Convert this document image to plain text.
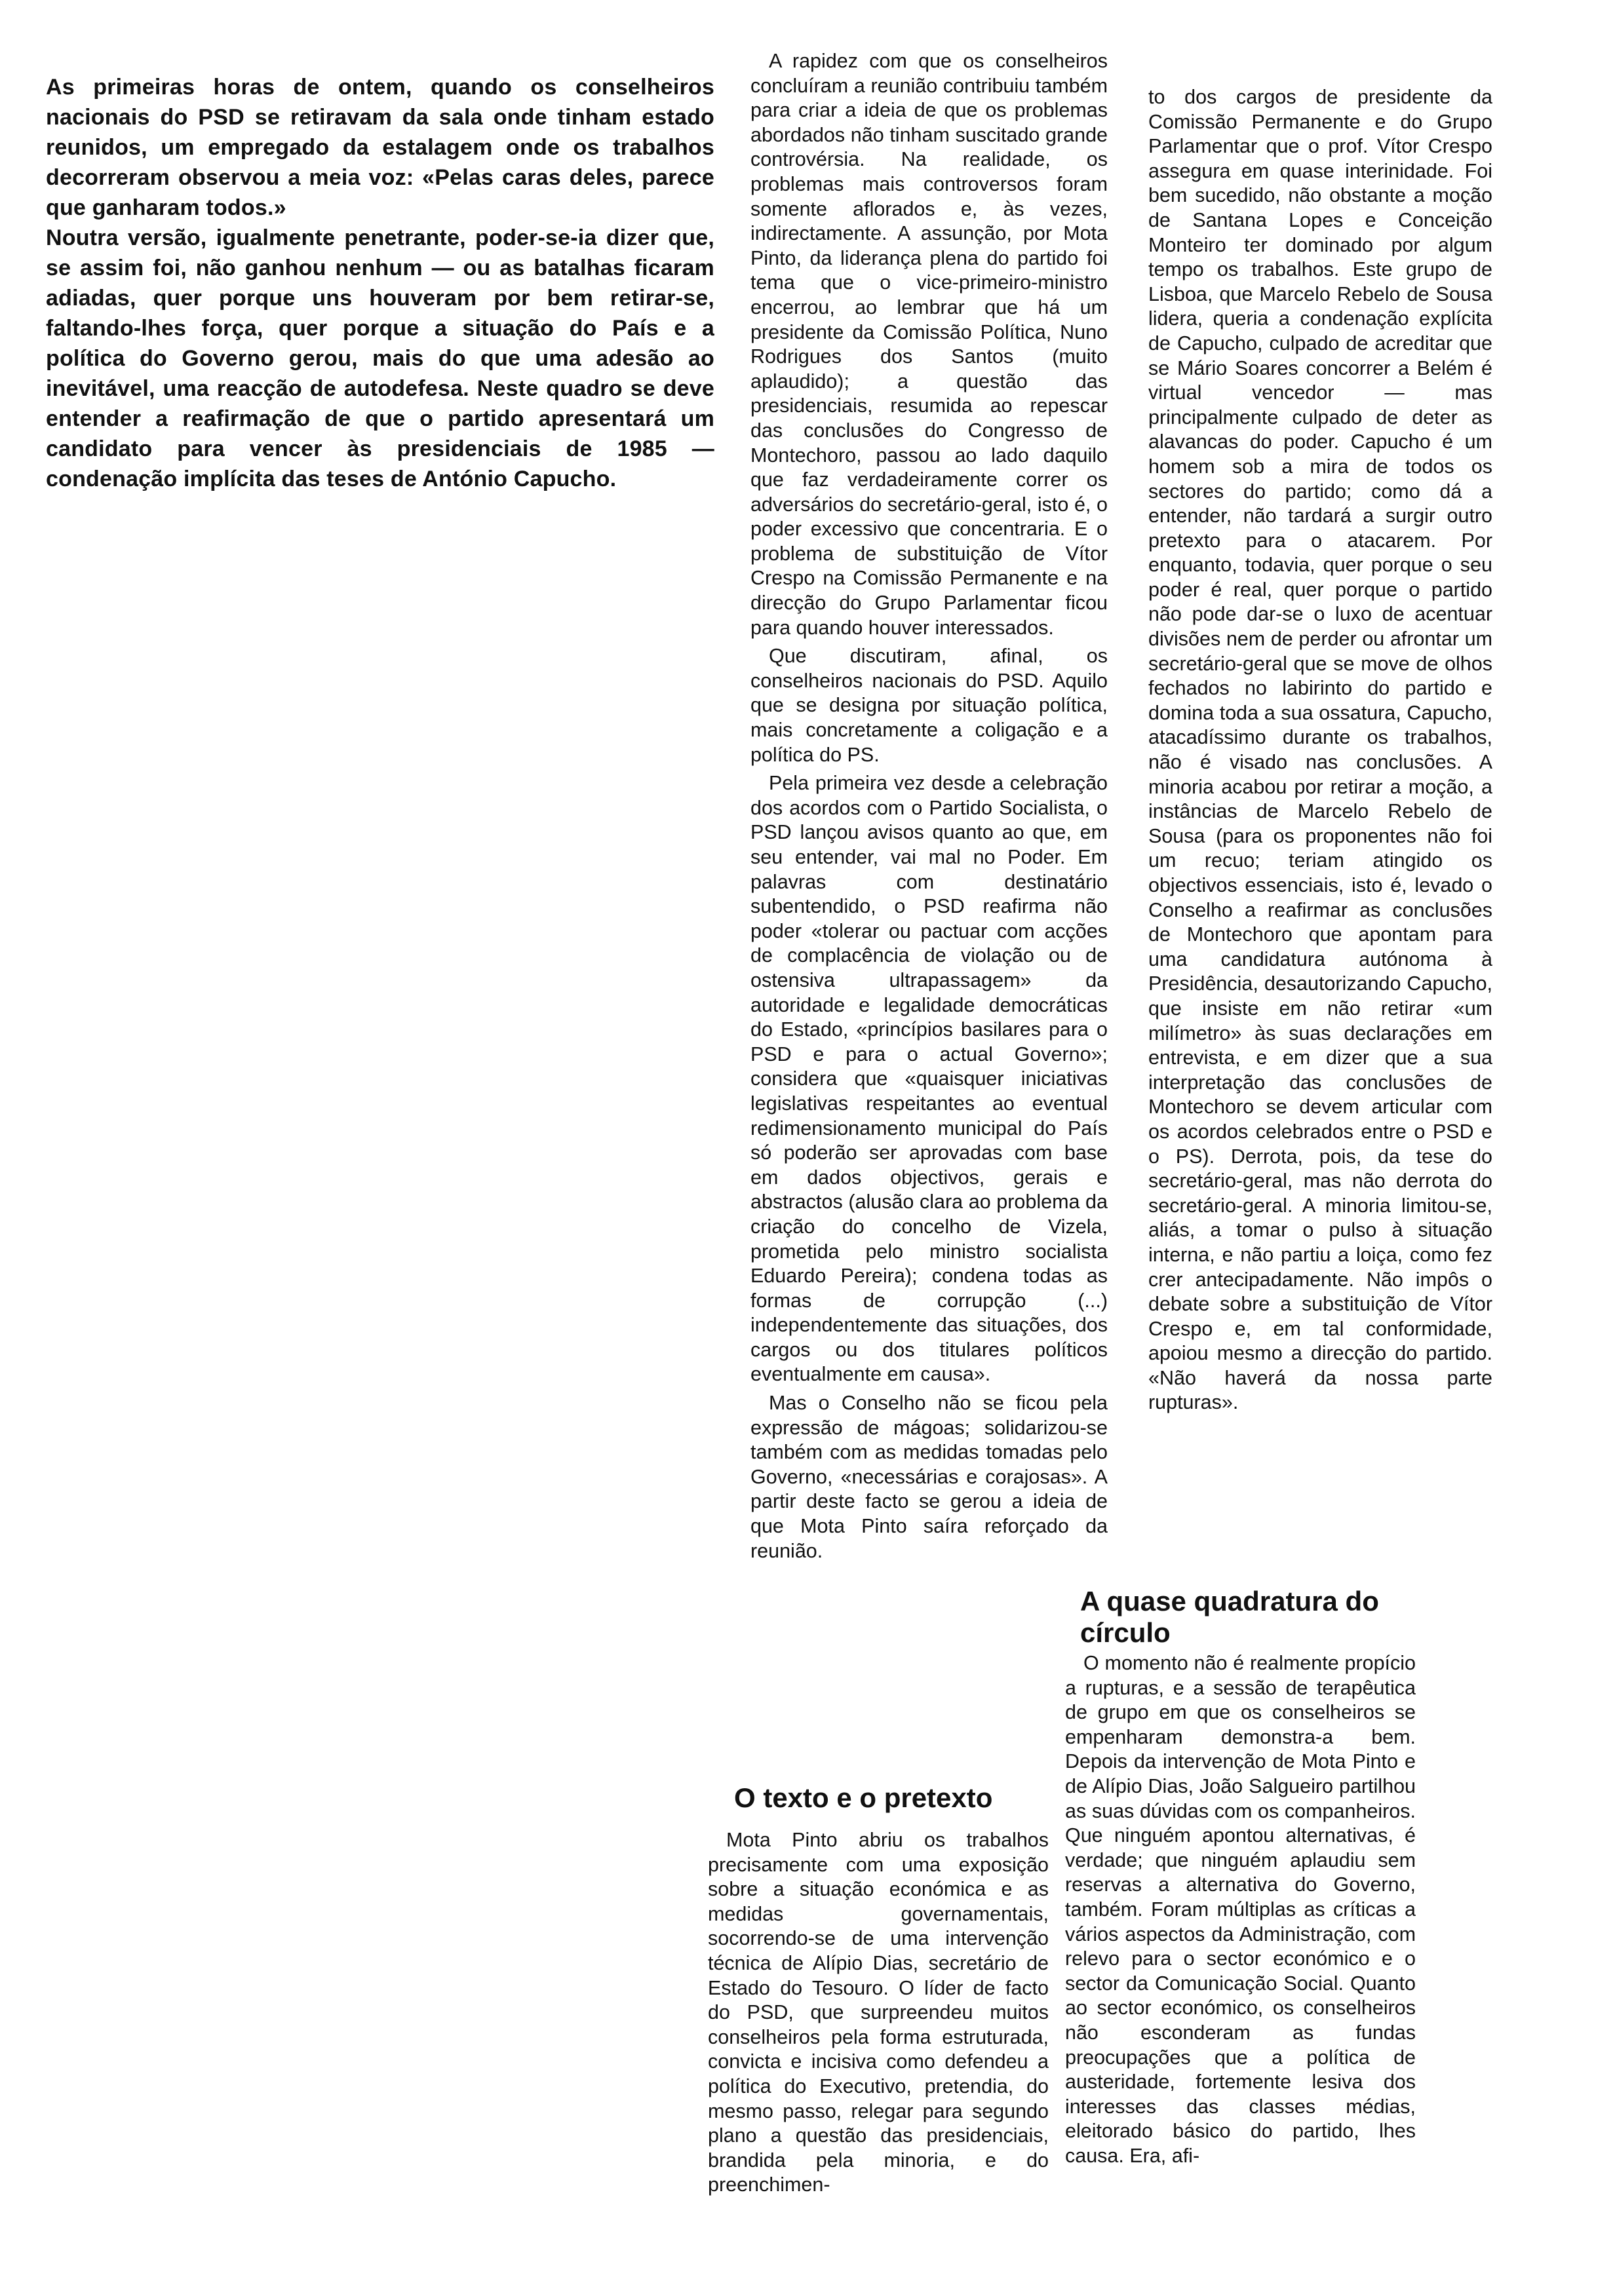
As primeiras horas de ontem, quando os conselheiros nacionais do PSD se retiravam da sala onde tinham estado reunidos, um empregado da estalagem onde os trabalhos decorreram observou a meia voz: «Pelas caras deles, parece que ganharam todos.»

Noutra versão, igualmente penetrante, poder-se-ia dizer que, se assim foi, não ganhou nenhum — ou as batalhas ficaram adiadas, quer porque uns houveram por bem retirar-se, faltando-lhes força, quer porque a situação do País e a política do Governo gerou, mais do que uma adesão ao inevitável, uma reacção de autodefesa. Neste quadro se deve entender a reafirmação de que o partido apresentará um candidato para vencer às presidenciais de 1985 — condenação implícita das teses de António Capucho.

A rapidez com que os conselheiros concluíram a reunião contribuiu também para criar a ideia de que os problemas abordados não tinham suscitado grande controvérsia. Na realidade, os problemas mais controversos foram somente aflorados e, às vezes, indirectamente. A assunção, por Mota Pinto, da liderança plena do partido foi tema que o vice-primeiro-ministro encerrou, ao lembrar que há um presidente da Comissão Política, Nuno Rodrigues dos Santos (muito aplaudido); a questão das presidenciais, resumida ao repescar das conclusões do Congresso de Montechoro, passou ao lado daquilo que faz verdadeiramente correr os adversários do secretário-geral, isto é, o poder excessivo que concentraria. E o problema de substituição de Vítor Crespo na Comissão Permanente e na direcção do Grupo Parlamentar ficou para quando houver interessados.

Que discutiram, afinal, os conselheiros nacionais do PSD. Aquilo que se designa por situação política, mais concretamente a coligação e a política do PS.

Pela primeira vez desde a celebração dos acordos com o Partido Socialista, o PSD lançou avisos quanto ao que, em seu entender, vai mal no Poder. Em palavras com destinatário subentendido, o PSD reafirma não poder «tolerar ou pactuar com acções de complacência de violação ou de ostensiva ultrapassagem» da autoridade e legalidade democráticas do Estado, «princípios basilares para o PSD e para o actual Governo»; considera que «quaisquer iniciativas legislativas respeitantes ao eventual redimensionamento municipal do País só poderão ser aprovadas com base em dados objectivos, gerais e abstractos (alusão clara ao problema da criação do concelho de Vizela, prometida pelo ministro socialista Eduardo Pereira); condena todas as formas de corrupção (...) independentemente das situações, dos cargos ou dos titulares políticos eventualmente em causa».

Mas o Conselho não se ficou pela expressão de mágoas; solidarizou-se também com as medidas tomadas pelo Governo, «necessárias e corajosas». A partir deste facto se gerou a ideia de que Mota Pinto saíra reforçado da reunião.

O texto e o pretexto

Mota Pinto abriu os trabalhos precisamente com uma exposição sobre a situação económica e as medidas governamentais, socorrendo-se de uma intervenção técnica de Alípio Dias, secretário de Estado do Tesouro. O líder de facto do PSD, que surpreendeu muitos conselheiros pela forma estruturada, convicta e incisiva como defendeu a política do Executivo, pretendia, do mesmo passo, relegar para segundo plano a questão das presidenciais, brandida pela minoria, e do preenchimen-

to dos cargos de presidente da Comissão Permanente e do Grupo Parlamentar que o prof. Vítor Crespo assegura em quase interinidade. Foi bem sucedido, não obstante a moção de Santana Lopes e Conceição Monteiro ter dominado por algum tempo os trabalhos. Este grupo de Lisboa, que Marcelo Rebelo de Sousa lidera, queria a condenação explícita de Capucho, culpado de acreditar que se Mário Soares concorrer a Belém é virtual vencedor — mas principalmente culpado de deter as alavancas do poder. Capucho é um homem sob a mira de todos os sectores do partido; como dá a entender, não tardará a surgir outro pretexto para o atacarem. Por enquanto, todavia, quer porque o seu poder é real, quer porque o partido não pode dar-se o luxo de acentuar divisões nem de perder ou afrontar um secretário-geral que se move de olhos fechados no labirinto do partido e domina toda a sua ossatura, Capucho, atacadíssimo durante os trabalhos, não é visado nas conclusões. A minoria acabou por retirar a moção, a instâncias de Marcelo Rebelo de Sousa (para os proponentes não foi um recuo; teriam atingido os objectivos essenciais, isto é, levado o Conselho a reafirmar as conclusões de Montechoro que apontam para uma candidatura autónoma à Presidência, desautorizando Capucho, que insiste em não retirar «um milímetro» às suas declarações em entrevista, e em dizer que a sua interpretação das conclusões de Montechoro se devem articular com os acordos celebrados entre o PSD e o PS). Derrota, pois, da tese do secretário-geral, mas não derrota do secretário-geral. A minoria limitou-se, aliás, a tomar o pulso à situação interna, e não partiu a loiça, como fez crer antecipadamente. Não impôs o debate sobre a substituição de Vítor Crespo e, em tal conformidade, apoiou mesmo a direcção do partido. «Não haverá da nossa parte rupturas».

A quase quadratura do círculo

O momento não é realmente propício a rupturas, e a sessão de terapêutica de grupo em que os conselheiros se empenharam demonstra-a bem. Depois da intervenção de Mota Pinto e de Alípio Dias, João Salgueiro partilhou as suas dúvidas com os companheiros. Que ninguém apontou alternativas, é verdade; que ninguém aplaudiu sem reservas a alternativa do Governo, também. Foram múltiplas as críticas a vários aspectos da Administração, com relevo para o sector económico e o sector da Comunicação Social. Quanto ao sector económico, os conselheiros não esconderam as fundas preocupações que a política de austeridade, fortemente lesiva dos interesses das classes médias, eleitorado básico do partido, lhes causa. Era, afi-
